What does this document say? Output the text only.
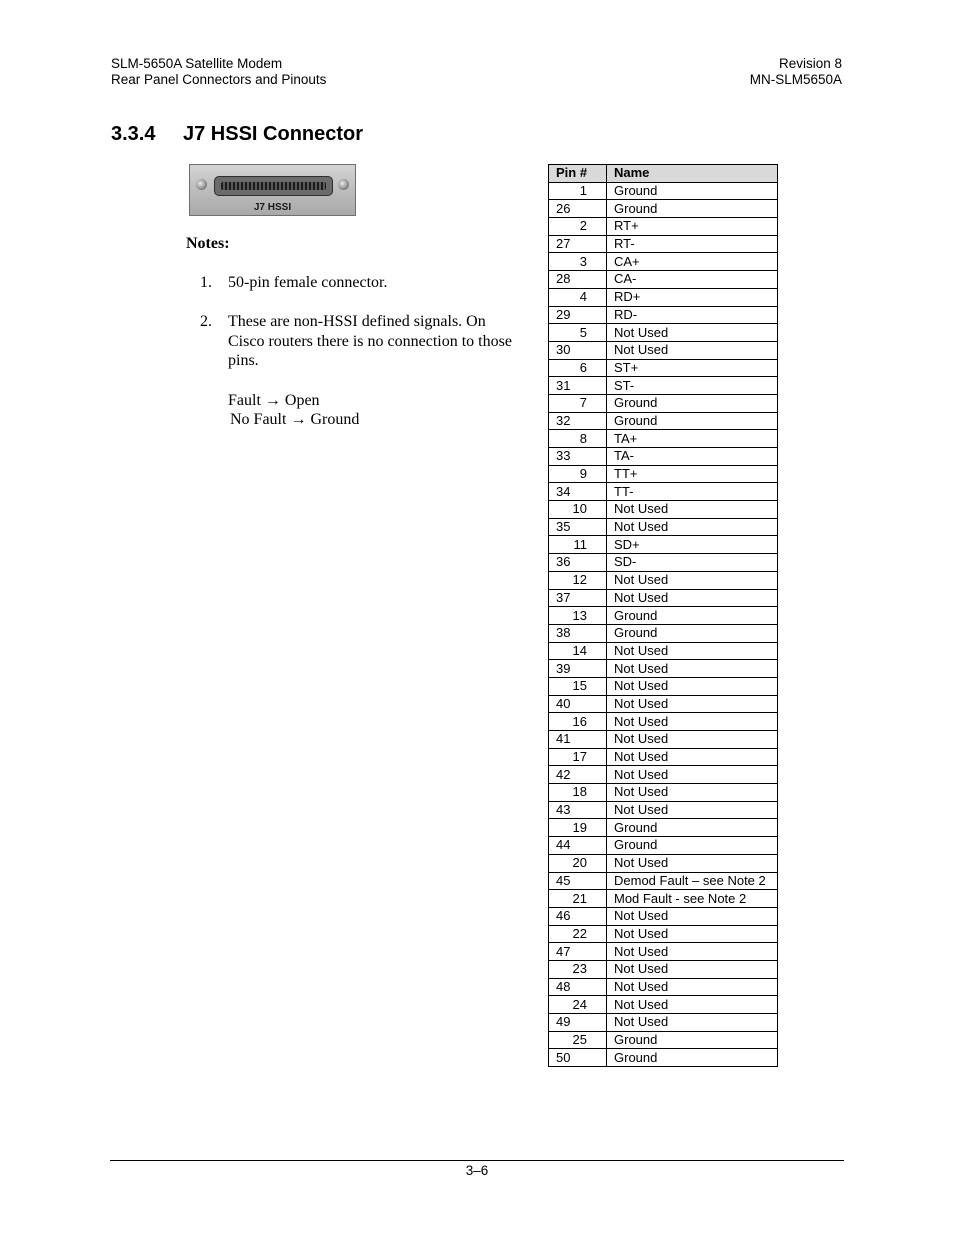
SLM-5650A Satellite Modem
Rear Panel Connectors and Pinouts
Revision 8
MN-SLM5650A
3.3.4 J7 HSSI Connector
J7 HSSI
Notes:
1. 50-pin female connector.
2. These are non-HSSI defined signals. On Cisco routers there is no connection to those pins.
Fault → Open
No Fault → Ground
Pin #	Name
1	Ground
26	Ground
2	RT+
27	RT-
3	CA+
28	CA-
4	RD+
29	RD-
5	Not Used
30	Not Used
6	ST+
31	ST-
7	Ground
32	Ground
8	TA+
33	TA-
9	TT+
34	TT-
10	Not Used
35	Not Used
11	SD+
36	SD-
12	Not Used
37	Not Used
13	Ground
38	Ground
14	Not Used
39	Not Used
15	Not Used
40	Not Used
16	Not Used
41	Not Used
17	Not Used
42	Not Used
18	Not Used
43	Not Used
19	Ground
44	Ground
20	Not Used
45	Demod Fault – see Note 2
21	Mod Fault - see Note 2
46	Not Used
22	Not Used
47	Not Used
23	Not Used
48	Not Used
24	Not Used
49	Not Used
25	Ground
50	Ground
3–6
